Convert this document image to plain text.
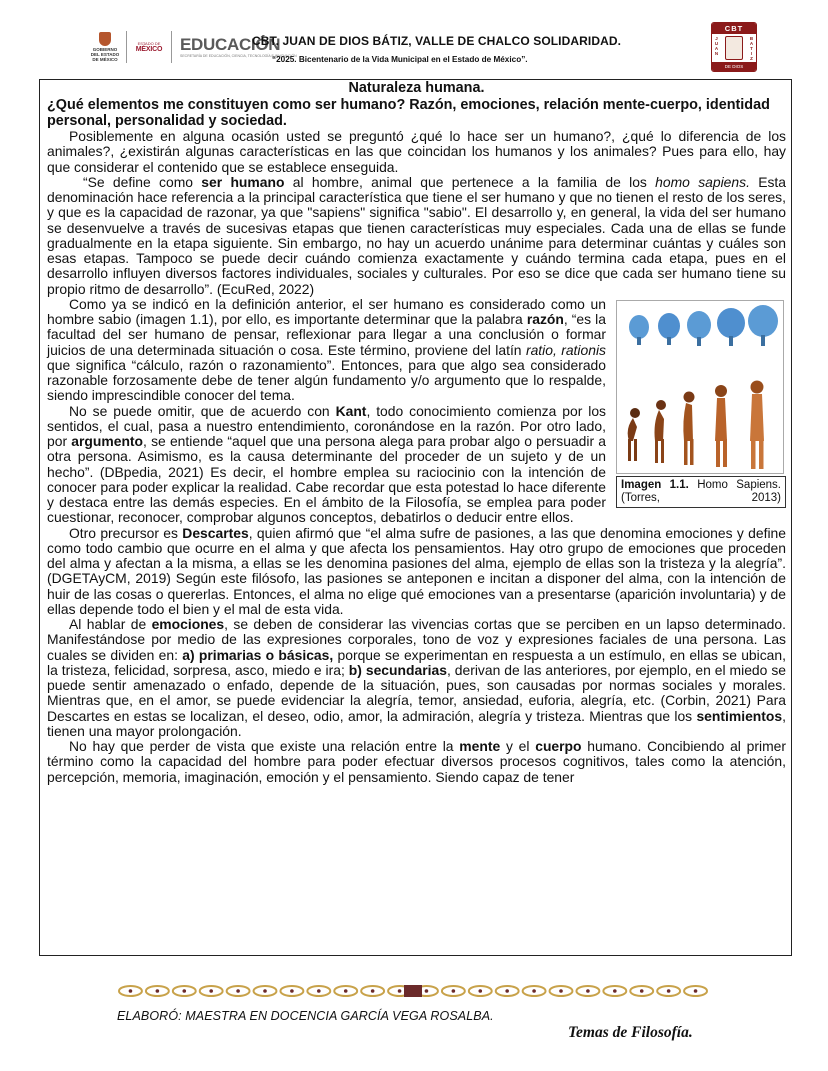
GOBIERNO DEL ESTADO DE MÉXICO
ESTADO DE
MÉXICO EDUCACIÓN
SECRETARÍA DE EDUCACIÓN, CIENCIA, TECNOLOGÍA E INNOVACIÓN
CBT. JUAN DE DIOS BÁTIZ, VALLE DE CHALCO SOLIDARIDAD.
“2025. Bicentenario de la Vida Municipal en el Estado de México”.
CBT
JUAN	BATIZ
DE DIOS

Naturaleza humana.

¿Qué elementos me constituyen como ser humano? Razón, emociones, relación mente-cuerpo, identidad personal, personalidad y sociedad.

Posiblemente en alguna ocasión usted se preguntó ¿qué lo hace ser un humano?, ¿qué lo diferencia de los animales?, ¿existirán algunas características en las que coincidan los humanos y los animales? Pues para ello, hay que considerar el contenido que se establece enseguida.

“Se define como ser humano al hombre, animal que pertenece a la familia de los homo sapiens. Esta denominación hace referencia a la principal característica que tiene el ser humano y que no tienen el resto de los seres, y que es la capacidad de razonar, ya que "sapiens" significa "sabio". El desarrollo y, en general, la vida del ser humano se desenvuelve a través de sucesivas etapas que tienen características muy especiales. Cada una de ellas se funde gradualmente en la etapa siguiente. Sin embargo, no hay un acuerdo unánime para determinar cuántas y cuáles son esas etapas. Tampoco se puede decir cuándo comienza exactamente y cuándo termina cada etapa, pues en el desarrollo influyen diversos factores individuales, sociales y culturales. Por eso se dice que cada ser humano tiene su propio ritmo de desarrollo”. (EcuRed, 2022)

Imagen 1.1. Homo Sapiens. (Torres, 2013)

Como ya se indicó en la definición anterior, el ser humano es considerado como un hombre sabio (imagen 1.1), por ello, es importante determinar que la palabra razón, “es la facultad del ser humano de pensar, reflexionar para llegar a una conclusión o formar juicios de una determinada situación o cosa. Este término, proviene del latín ratio, rationis que significa “cálculo, razón o razonamiento”. Entonces, para que algo sea considerado razonable forzosamente debe de tener algún fundamento y/o argumento que lo respalde, siendo imprescindible conocer del tema.

No se puede omitir, que de acuerdo con Kant, todo conocimiento comienza por los sentidos, el cual, pasa a nuestro entendimiento, coronándose en la razón. Por otro lado, por argumento, se entiende “aquel que una persona alega para probar algo o persuadir a otra persona. Asimismo, es la causa determinante del proceder de un sujeto y de un hecho”. (DBpedia, 2021) Es decir, el hombre emplea su raciocinio con la intención de conocer para poder explicar la realidad. Cabe recordar que esta potestad lo hace diferente y destaca entre las demás especies. En el ámbito de la Filosofía, se emplea para poder cuestionar, reconocer, comprobar algunos conceptos, debatirlos o deducir entre ellos.

Otro precursor es Descartes, quien afirmó que “el alma sufre de pasiones, a las que denomina emociones y define como todo cambio que ocurre en el alma y que afecta los pensamientos. Hay otro grupo de emociones que proceden del alma y afectan a la misma, a ellas se les denomina pasiones del alma, ejemplo de ellas son la tristeza y la alegría”. (DGETAyCM, 2019) Según este filósofo, las pasiones se anteponen e incitan a disponer del alma, con la intención de huir de las cosas o quererlas. Entonces, el alma no elige qué emociones van a presentarse (aparición involuntaria) y de ellas depende todo el bien y el mal de esta vida.

Al hablar de emociones, se deben de considerar las vivencias cortas que se perciben en un lapso determinado. Manifestándose por medio de las expresiones corporales, tono de voz y expresiones faciales de una persona. Las cuales se dividen en: a) primarias o básicas, porque se experimentan en respuesta a un estímulo, en ellas se ubican, la tristeza, felicidad, sorpresa, asco, miedo e ira; b) secundarias, derivan de las anteriores, por ejemplo, en el miedo se puede sentir amenazado o enfado, depende de la situación, pues, son causadas por normas sociales y morales. Mientras que, en el amor, se puede evidenciar la alegría, temor, ansiedad, euforia, alegría, etc. (Corbin, 2021) Para Descartes en estas se localizan, el deseo, odio, amor, la admiración, alegría y tristeza. Mientras que los sentimientos, tienen una mayor prolongación.

No hay que perder de vista que existe una relación entre la mente y el cuerpo humano. Concibiendo al primer término como la capacidad del hombre para poder efectuar diversos procesos cognitivos, tales como la atención, percepción, memoria, imaginación, emoción y el pensamiento. Siendo capaz de tener

ELABORÓ: MAESTRA EN DOCENCIA GARCÍA VEGA ROSALBA.
Temas de Filosofía.
